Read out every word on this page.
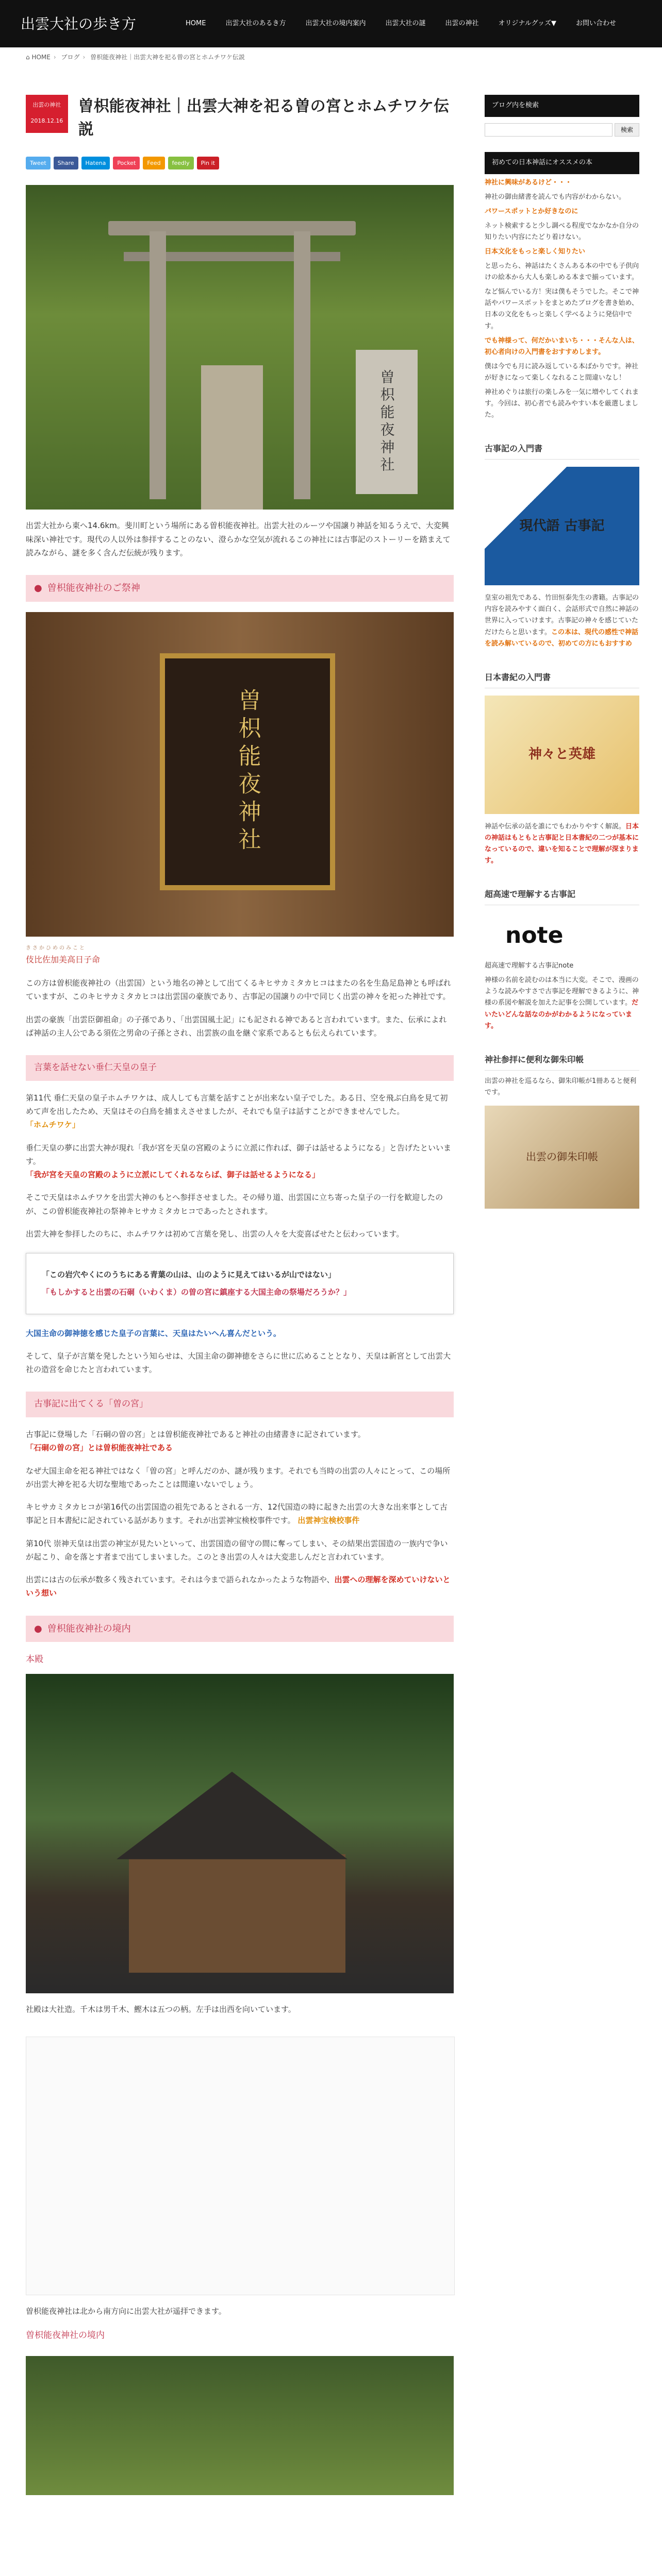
出雲大社の歩き方	HOME	出雲大社のあるき方	出雲大社の境内案内	出雲大社の謎	出雲の神社	オリジナルグッズ▼	お問い合わせ
⌂ HOME › ブログ › 曽枳能夜神社｜出雲大神を祀る曽の宮とホムチワケ伝説
出雲の神社
2018.12.16
曽枳能夜神社｜出雲大神を祀る曽の宮とホムチワケ伝説
Tweet	Share	Hatena	Pocket	Feed	feedly	Pin it
曽枳能夜神社

出雲大社から東へ14.6km。斐川町という場所にある曽枳能夜神社。出雲大社のルーツや国譲り神話を知るうえで、大変興味深い神社です。現代の人以外は参拝することのない、澄らかな空気が流れるこの神社には古事記のストーリーを踏まえて読みながら、謎を多く含んだ伝統が残ります。

● 曽枳能夜神社のご祭神
曽枳能夜神社
きさかひめのみこと
伎比佐加美高日子命

この方は曽枳能夜神社の（出雲国）という地名の神として出てくるキヒサカミタカヒコはまたの名を生島足島神とも呼ばれていますが、このキヒサカミタカヒコは出雲国の豪族であり、古事記の国譲りの中で同じく出雲の神々を祀った神社です。

出雲の豪族「出雲臣御祖命」の子孫であり、「出雲国風土記」にも記される神であると言われています。また、伝承によれば神話の主人公である須佐之男命の子孫とされ、出雲族の血を継ぐ家系であるとも伝えられています。

言葉を話せない垂仁天皇の皇子

第11代 垂仁天皇の皇子ホムチワケは、成人しても言葉を話すことが出来ない皇子でした。ある日、空を飛ぶ白鳥を見て初めて声を出したため、天皇はその白鳥を捕まえさせましたが、それでも皇子は話すことができませんでした。「ホムチワケ」

垂仁天皇の夢に出雲大神が現れ「我が宮を天皇の宮殿のように立派に作れば、御子は話せるようになる」と告げたといいます。
「我が宮を天皇の宮殿のように立派にしてくれるならば、御子は話せるようになる」

そこで天皇はホムチワケを出雲大神のもとへ参拝させました。その帰り道、出雲国に立ち寄った皇子の一行を歓迎したのが、この曽枳能夜神社の祭神キヒサカミタカヒコであったとされます。

出雲大神を参拝したのちに、ホムチワケは初めて言葉を発し、出雲の人々を大変喜ばせたと伝わっています。

「この岩穴やくにのうちにある青葉の山は、山のように見えてはいるが山ではない」
「もしかすると出雲の石硐（いわくま）の曽の宮に鎮座する大国主命の祭場だろうか？」

大国主命の御神徳を感じた皇子の言葉に、天皇はたいへん喜んだという。

そして、皇子が言葉を発したという知らせは、大国主命の御神徳をさらに世に広めることとなり、天皇は新宮として出雲大社の造営を命じたと言われています。

古事記に出てくる「曽の宮」

古事記に登場した「石硐の曽の宮」とは曽枳能夜神社であると神社の由緒書きに記されています。
「石硐の曽の宮」とは曽枳能夜神社である

なぜ大国主命を祀る神社ではなく「曽の宮」と呼んだのか、謎が残ります。それでも当時の出雲の人々にとって、この場所が出雲大神を祀る大切な聖地であったことは間違いないでしょう。

キヒサカミタカヒコが第16代の出雲国造の祖先であるとされる一方、12代国造の時に起きた出雲の大きな出来事として古事記と日本書紀に記されている話があります。それが出雲神宝検校事件です。 出雲神宝検校事件

第10代 崇神天皇は出雲の神宝が見たいといって、出雲国造の留守の間に奪ってしまい、その結果出雲国造の一族内で争いが起こり、命を落とす者まで出てしまいました。このとき出雲の人々は大変悲しんだと言われています。

出雲には古の伝承が数多く残されています。それは今まで語られなかったような物語や、出雲への理解を深めていけないという想い

● 曽枳能夜神社の境内
本殿

社殿は大社造。千木は男千木、鰹木は五つの柄。左手は出西を向いています。

曽枳能夜神社は北から南方向に出雲大社が遥拝できます。

曽枳能夜神社の境内
ブログ内を検索
検索
初めての日本神話にオススメの本

神社に興味があるけど・・・

神社の御由緒書を読んでも内容がわからない。

パワースポットとか好きなのに

ネット検索すると少し調べる程度でなかなか自分の知りたい内容にたどり着けない。

日本文化をもっと楽しく知りたい

と思ったら、神話はたくさんある本の中でも子供向けの絵本から大人も楽しめる本まで揃っています。

など悩んでいる方！実は僕もそうでした。そこで神話やパワースポットをまとめたブログを書き始め、日本の文化をもっと楽しく学べるように発信中です。

でも神様って、何だかいまいち・・・そんな人は、初心者向けの入門書をおすすめします。

僕は今でも月に読み返している本ばかりです。神社が好きになって楽しくなれること間違いなし！

神社めぐりは旅行の楽しみを一気に増やしてくれます。今回は、初心者でも読みやすい本を厳選しました。

古事記の入門書
現代語 古事記

皇室の祖先である、竹田恒泰先生の書籍。古事記の内容を読みやすく面白く、会話形式で自然に神話の世界に入っていけます。古事記の神々を感じていただけたらと思います。この本は、現代の感性で神話を読み解いているので、初めての方にもおすすめ

日本書紀の入門書
神々と英雄

神話や伝承の話を誰にでもわかりやすく解説。日本の神話はもともと古事記と日本書紀の二つが基本になっているので、違いを知ることで理解が深まります。

超高速で理解する古事記
note

超高速で理解する古事記note

神様の名前を読むのは本当に大変。そこで、漫画のような読みやすさで古事記を理解できるように、神様の系図や解説を加えた記事を公開しています。だいたいどんな話なのかがわかるようになっています。

神社参拝に便利な御朱印帳

出雲の神社を巡るなら、御朱印帳が1冊あると便利です。

出雲の御朱印帳
